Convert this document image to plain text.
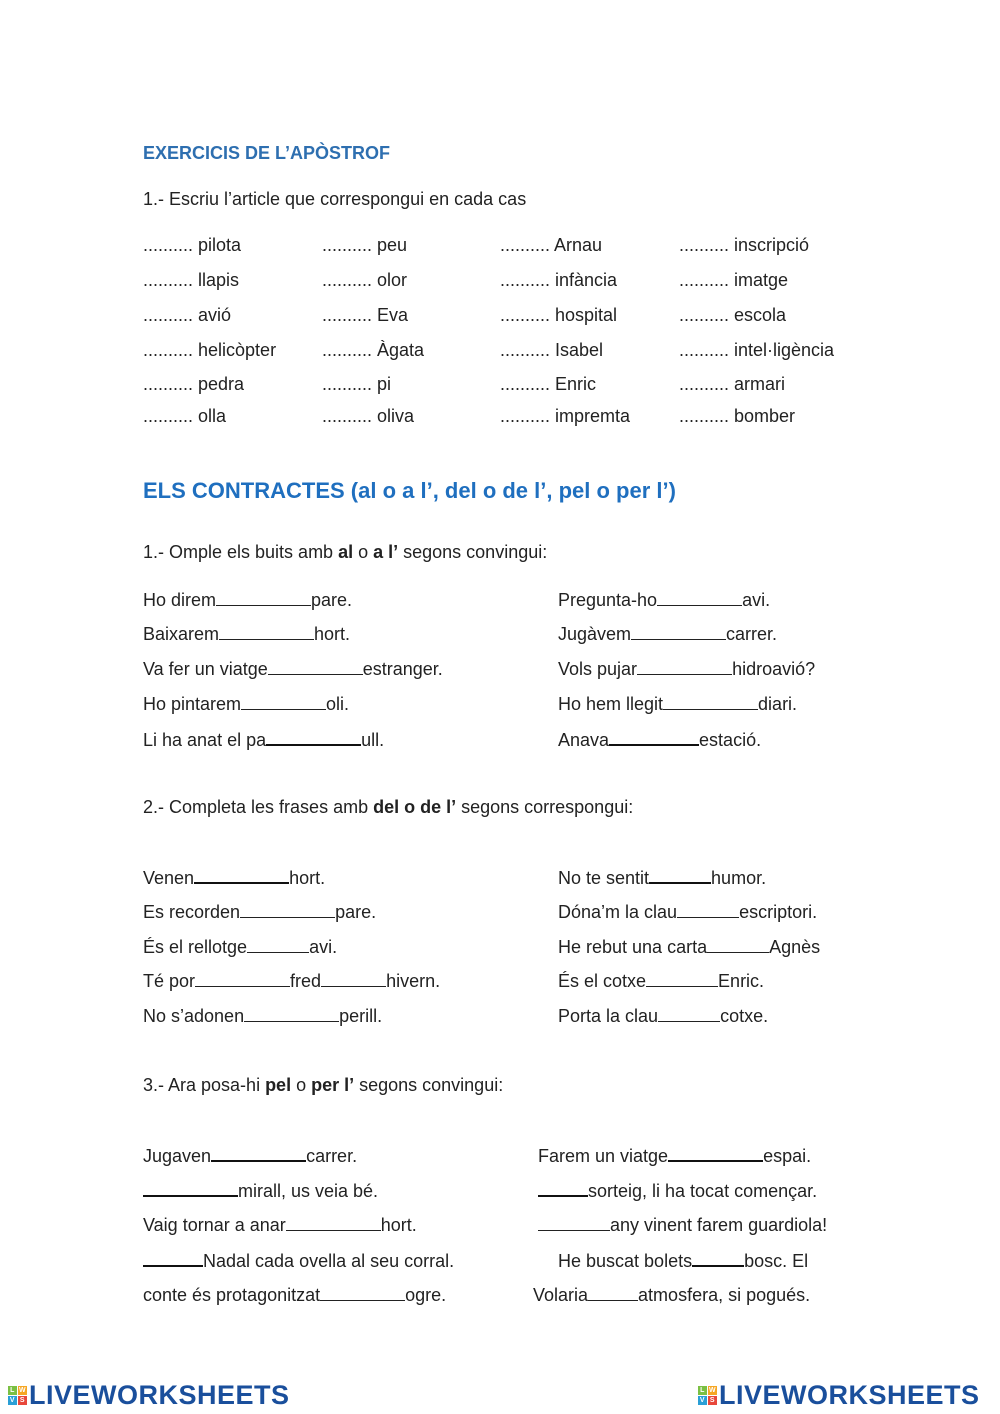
EXERCICIS DE L’APÒSTROF
1.- Escriu l’article que correspongui en cada cas
.......... pilota
.......... llapis
.......... avió
.......... helicòpter
.......... pedra
.......... olla
.......... peu
.......... olor
.......... Eva
.......... Àgata
.......... pi
.......... oliva
.......... Arnau
.......... infància
.......... hospital
.......... Isabel
.......... Enric
.......... impremta
.......... inscripció
.......... imatge
.......... escola
.......... intel·ligència
.......... armari
.......... bomber
ELS CONTRACTES (al o a l’, del o de l’, pel o per l’)
1.- Omple els buits amb al o a l’ segons convingui:
Ho direm	pare.
Baixarem	hort.
Va fer un viatge	estranger.
Ho pintarem	oli.
Li ha anat el pa	ull.
Pregunta-ho	avi.
Jugàvem	carrer.
Vols pujar	hidroavió?
Ho hem llegit	diari.
Anava	estació.
2.- Completa les frases amb del o de l’ segons correspongui:
Venen	hort.
Es recorden	pare.
És el rellotge	avi.
Té por	fred	hivern.
No s’adonen	perill.
No te sentit	humor.
Dóna’m la clau	escriptori.
He rebut una carta	Agnès
És el cotxe	Enric.
Porta la clau	cotxe.
3.- Ara posa-hi pel o per l’ segons convingui:
Jugaven	carrer.
mirall, us veia bé.
Vaig tornar a anar	hort.
Nadal cada ovella al seu corral.
conte és protagonitzat	ogre.
Farem un viatge	espai.
sorteig, li ha tocat començar.
any vinent farem guardiola!
He buscat bolets	bosc. El
Volaria	atmosfera, si pogués.
L W
V S LIVEWORKSHEETS	L W
V S LIVEWORKSHEETS
